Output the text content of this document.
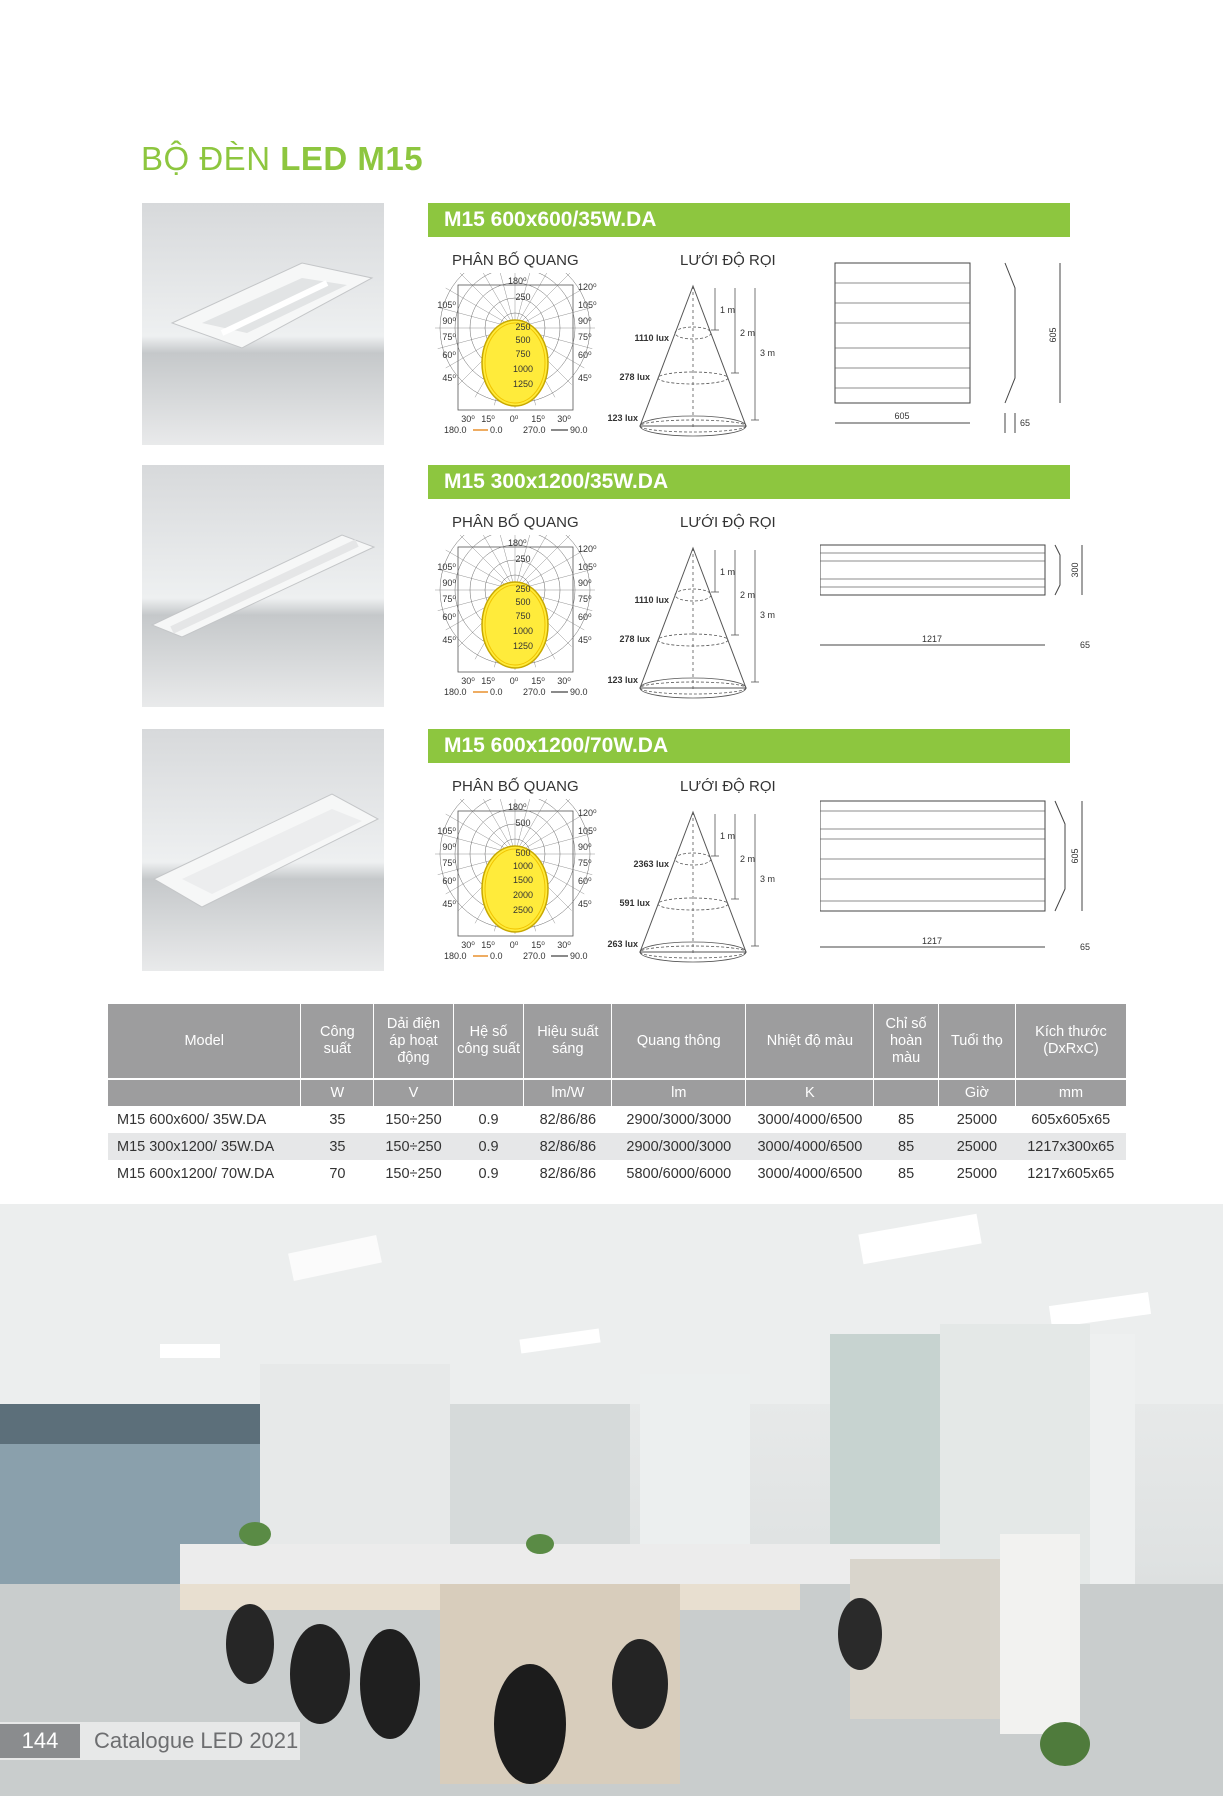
BỘ ĐÈN LED M15
M15 600x600/35W.DA
PHÂN BỐ QUANG	LƯỚI ĐỘ RỌI
180⁰
120⁰
105⁰	105⁰
90⁰	90⁰
75⁰	75⁰
60⁰	60⁰
45⁰	45⁰
250
250
500
750
1000
1250
30⁰ 15⁰ 0⁰ 15⁰ 30⁰
180.0	0.0 270.0	90.0
1110 lux
278 lux
123 lux
1 m
2 m
3 m
605
605
65
M15 300x1200/35W.DA
PHÂN BỐ QUANG	LƯỚI ĐỘ RỌI
180⁰
120⁰
105⁰	105⁰
90⁰	90⁰
75⁰	75⁰
60⁰	60⁰
45⁰	45⁰
250
250
500
750
1000
1250
30⁰ 15⁰ 0⁰ 15⁰ 30⁰
180.0	0.0 270.0	90.0
1110 lux
278 lux
123 lux
1 m
2 m
3 m
1217
300
65
M15 600x1200/70W.DA
PHÂN BỐ QUANG	LƯỚI ĐỘ RỌI
180⁰
120⁰
105⁰	105⁰
90⁰	90⁰
75⁰	75⁰
60⁰	60⁰
45⁰	45⁰
500
500
1000
1500
2000
2500
30⁰ 15⁰ 0⁰ 15⁰ 30⁰
180.0	0.0 270.0	90.0
2363 lux
591 lux
263 lux
1 m
2 m
3 m
1217
605
65
Model	Công suất	Dải điện áp hoạt động	Hệ số công suất	Hiệu suất sáng	Quang thông	Nhiệt độ màu	Chỉ số hoàn màu	Tuổi thọ	Kích thước (DxRxC)
	W	V		lm/W	lm	K		Giờ	mm
M15 600x600/ 35W.DA	35	150÷250	0.9	82/86/86	2900/3000/3000	3000/4000/6500	85	25000	605x605x65
M15 300x1200/ 35W.DA	35	150÷250	0.9	82/86/86	2900/3000/3000	3000/4000/6500	85	25000	1217x300x65
M15 600x1200/ 70W.DA	70	150÷250	0.9	82/86/86	5800/6000/6000	3000/4000/6500	85	25000	1217x605x65
144	Catalogue LED 2021
